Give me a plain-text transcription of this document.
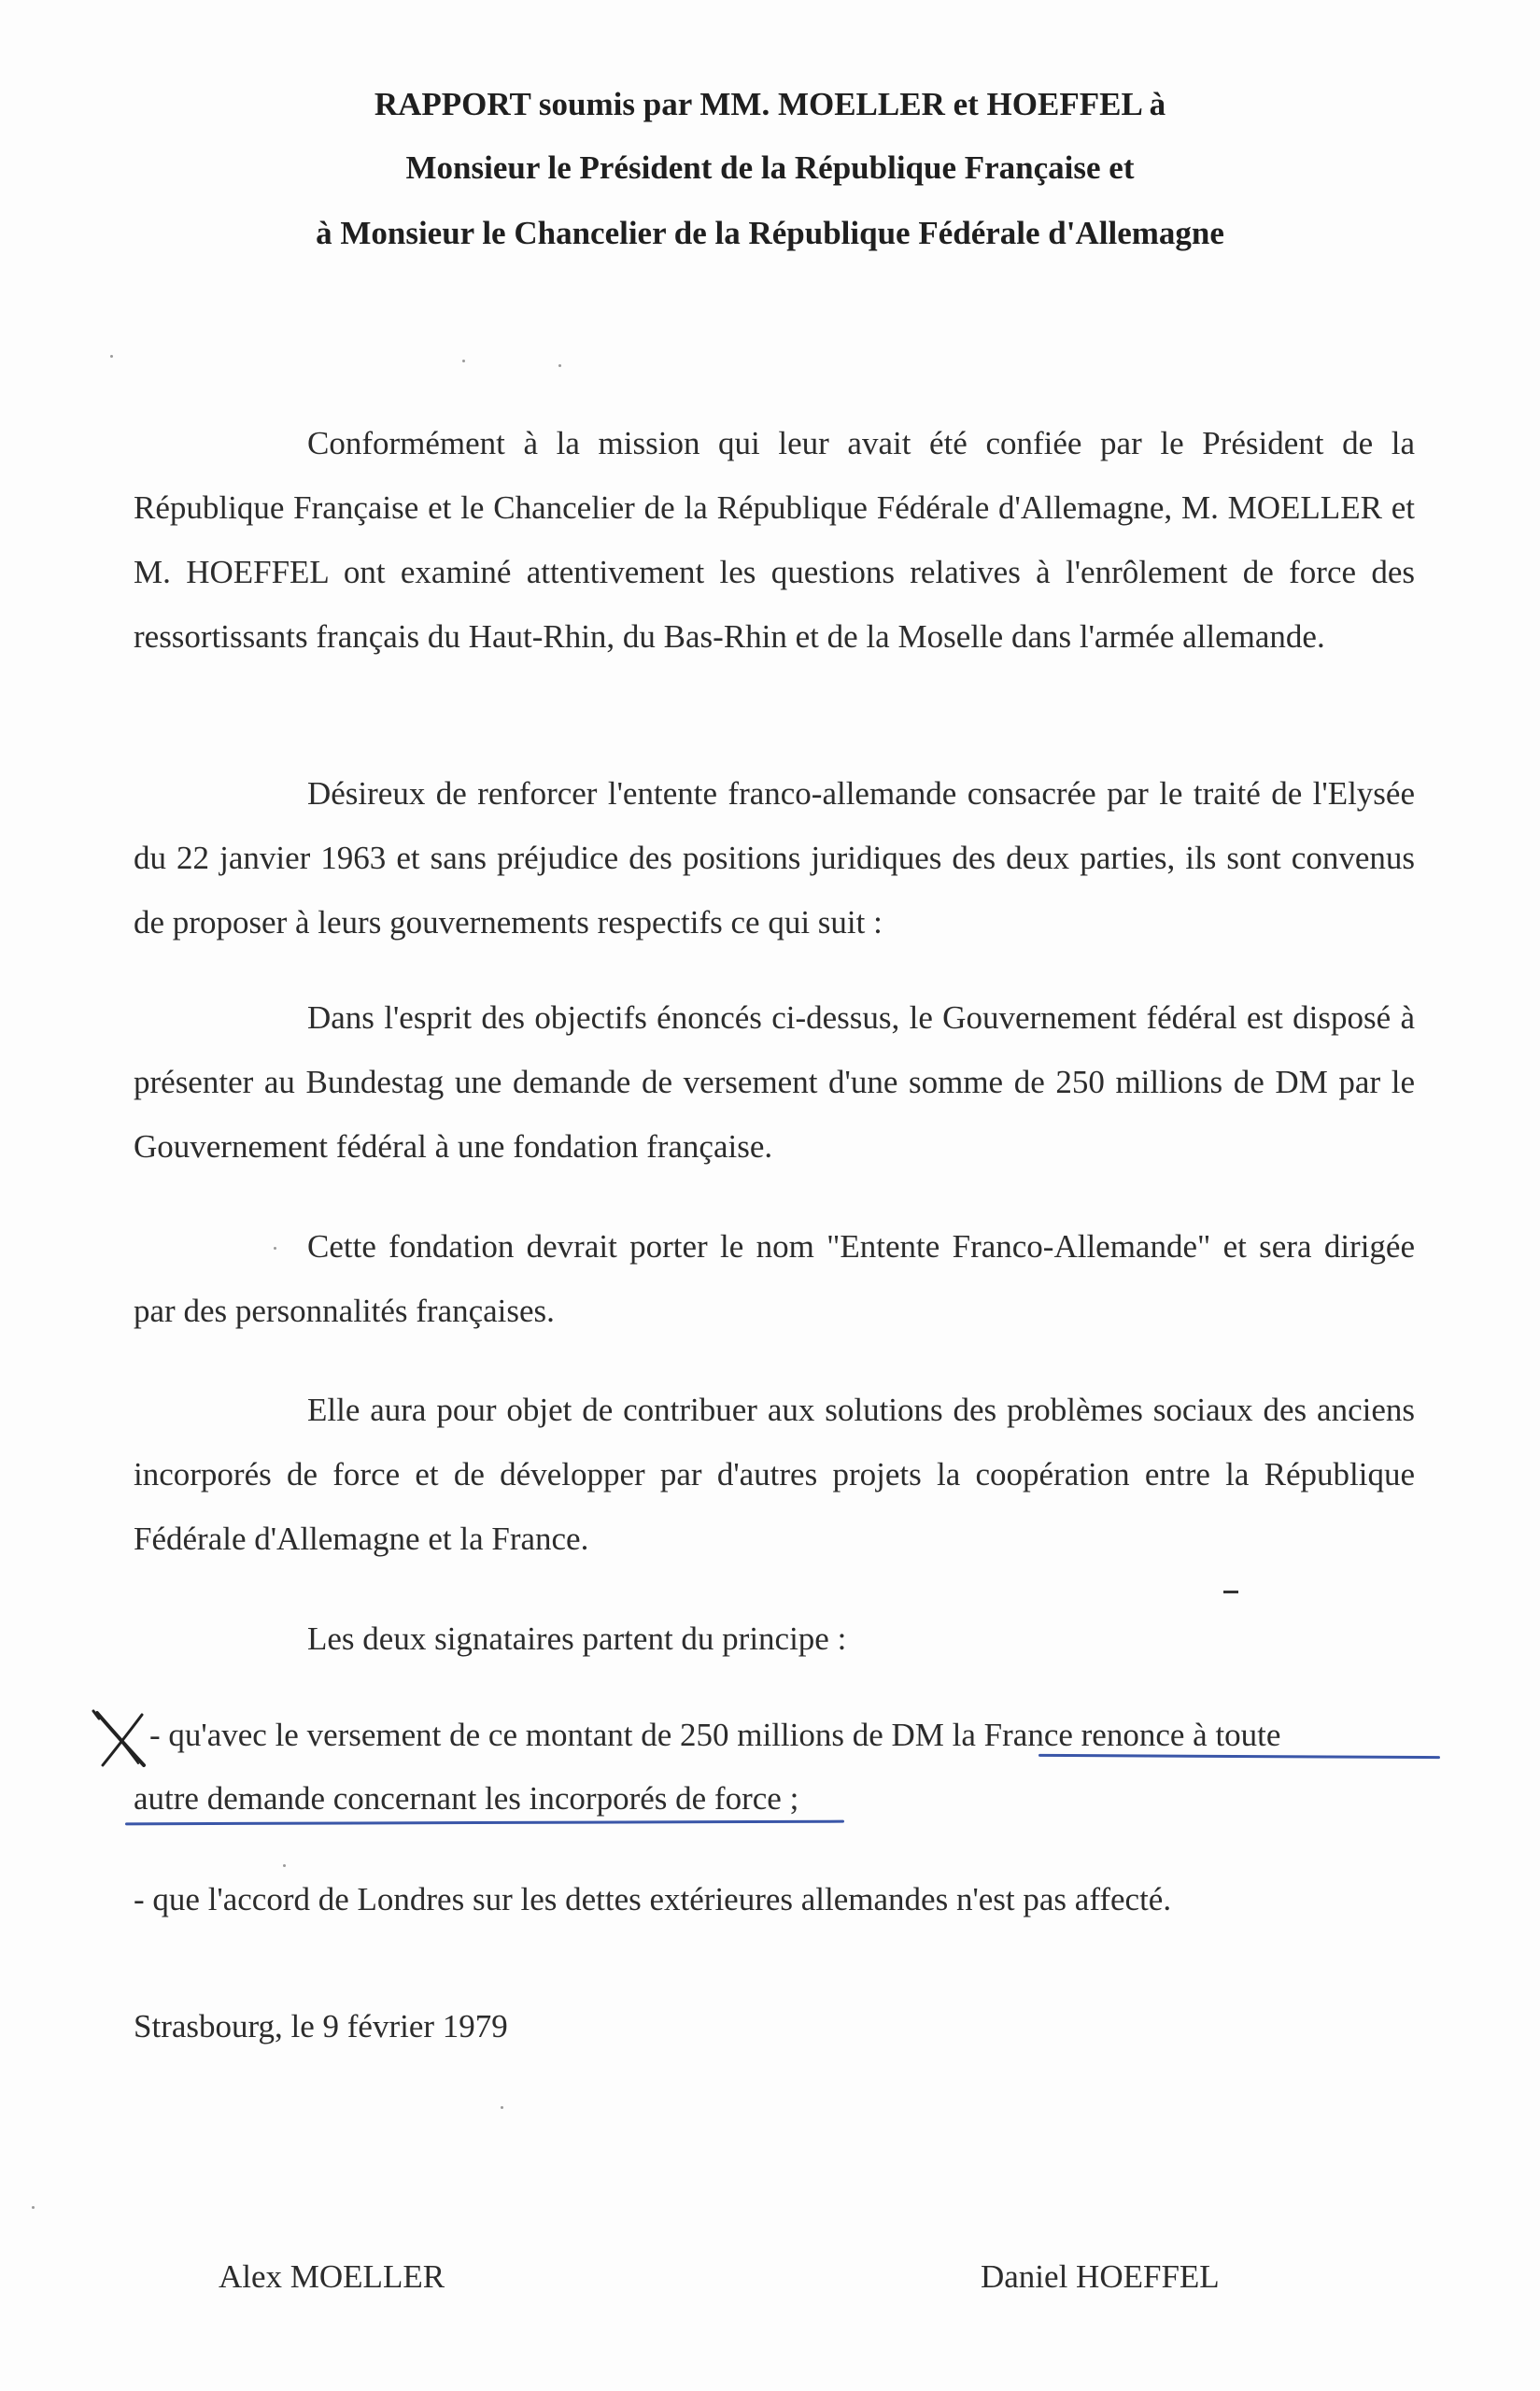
RAPPORT soumis par MM. MOELLER et HOEFFEL à
Monsieur le Président de la République Française et
à Monsieur le Chancelier de la République Fédérale d'Allemagne
Conformément à la mission qui leur avait été confiée par le Président de la République Française et le Chancelier de la République Fédérale d'Allemagne, M. MOELLER et M. HOEFFEL ont examiné attentivement les questions relatives à l'enrôlement de force des ressortissants français du Haut-Rhin, du Bas-Rhin et de la Moselle dans l'armée allemande.
Désireux de renforcer l'entente franco-allemande consacrée par le traité de l'Elysée du 22 janvier 1963 et sans préjudice des positions juridiques des deux parties, ils sont convenus de proposer à leurs gouvernements respectifs ce qui suit :
Dans l'esprit des objectifs énoncés ci-dessus, le Gouvernement fédéral est disposé à présenter au Bundestag une demande de versement d'une somme de 250 millions de DM par le Gouvernement fédéral à une fondation française.
Cette fondation devrait porter le nom "Entente Franco-Allemande" et sera dirigée par des personnalités françaises.
Elle aura pour objet de contribuer aux solutions des problèmes sociaux des anciens incorporés de force et de développer par d'autres projets la coopération entre la République Fédérale d'Allemagne et la France.
Les deux signataires partent du principe :
- qu'avec le versement de ce montant de 250 millions de DM la France renonce à toute
autre demande concernant les incorporés de force ;
- que l'accord de Londres sur les dettes extérieures allemandes n'est pas affecté.
Strasbourg, le 9 février 1979
Alex MOELLER	Daniel HOEFFEL
